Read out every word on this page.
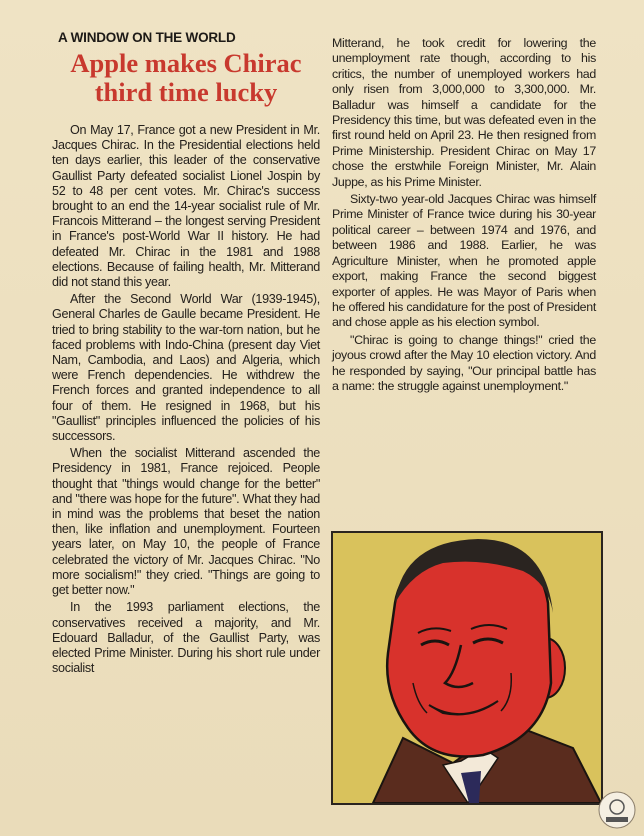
A WINDOW ON THE WORLD
Apple makes Chirac
third time lucky

On May 17, France got a new President in Mr. Jacques Chirac. In the Presidential elections held ten days earlier, this leader of the conservative Gaullist Party defeated socialist Lionel Jospin by 52 to 48 per cent votes. Mr. Chirac's success brought to an end the 14-year socialist rule of Mr. Francois Mitterand – the longest serving President in France's post-World War II history. He had defeated Mr. Chirac in the 1981 and 1988 elections. Because of failing health, Mr. Mitterand did not stand this year.

After the Second World War (1939-1945), General Charles de Gaulle became President. He tried to bring stability to the war-torn nation, but he faced problems with Indo-China (present day Viet Nam, Cambodia, and Laos) and Algeria, which were French dependencies. He withdrew the French forces and granted independence to all four of them. He resigned in 1968, but his "Gaullist" principles influenced the policies of his successors.

When the socialist Mitterand ascended the Presidency in 1981, France rejoiced. People thought that "things would change for the better" and "there was hope for the future". What they had in mind was the problems that beset the nation then, like inflation and unemployment. Fourteen years later, on May 10, the people of France celebrated the victory of Mr. Jacques Chirac. "No more socialism!" they cried. "Things are going to get better now."

In the 1993 parliament elections, the conservatives received a majority, and Mr. Edouard Balladur, of the Gaullist Party, was elected Prime Minister. During his short rule under socialist

Mitterand, he took credit for lowering the unemployment rate though, according to his critics, the number of unemployed workers had only risen from 3,000,000 to 3,300,000. Mr. Balladur was himself a candidate for the Presidency this time, but was defeated even in the first round held on April 23. He then resigned from Prime Ministership. President Chirac on May 17 chose the erstwhile Foreign Minister, Mr. Alain Juppe, as his Prime Minister.

Sixty-two year-old Jacques Chirac was himself Prime Minister of France twice during his 30-year political career – between 1974 and 1976, and between 1986 and 1988. Earlier, he was Agriculture Minister, when he promoted apple export, making France the second biggest exporter of apples. He was Mayor of Paris when he offered his candidature for the post of President and chose apple as his election symbol.

"Chirac is going to change things!" cried the joyous crowd after the May 10 election victory. And he responded by saying, "Our principal battle has a name: the struggle against unemployment."
